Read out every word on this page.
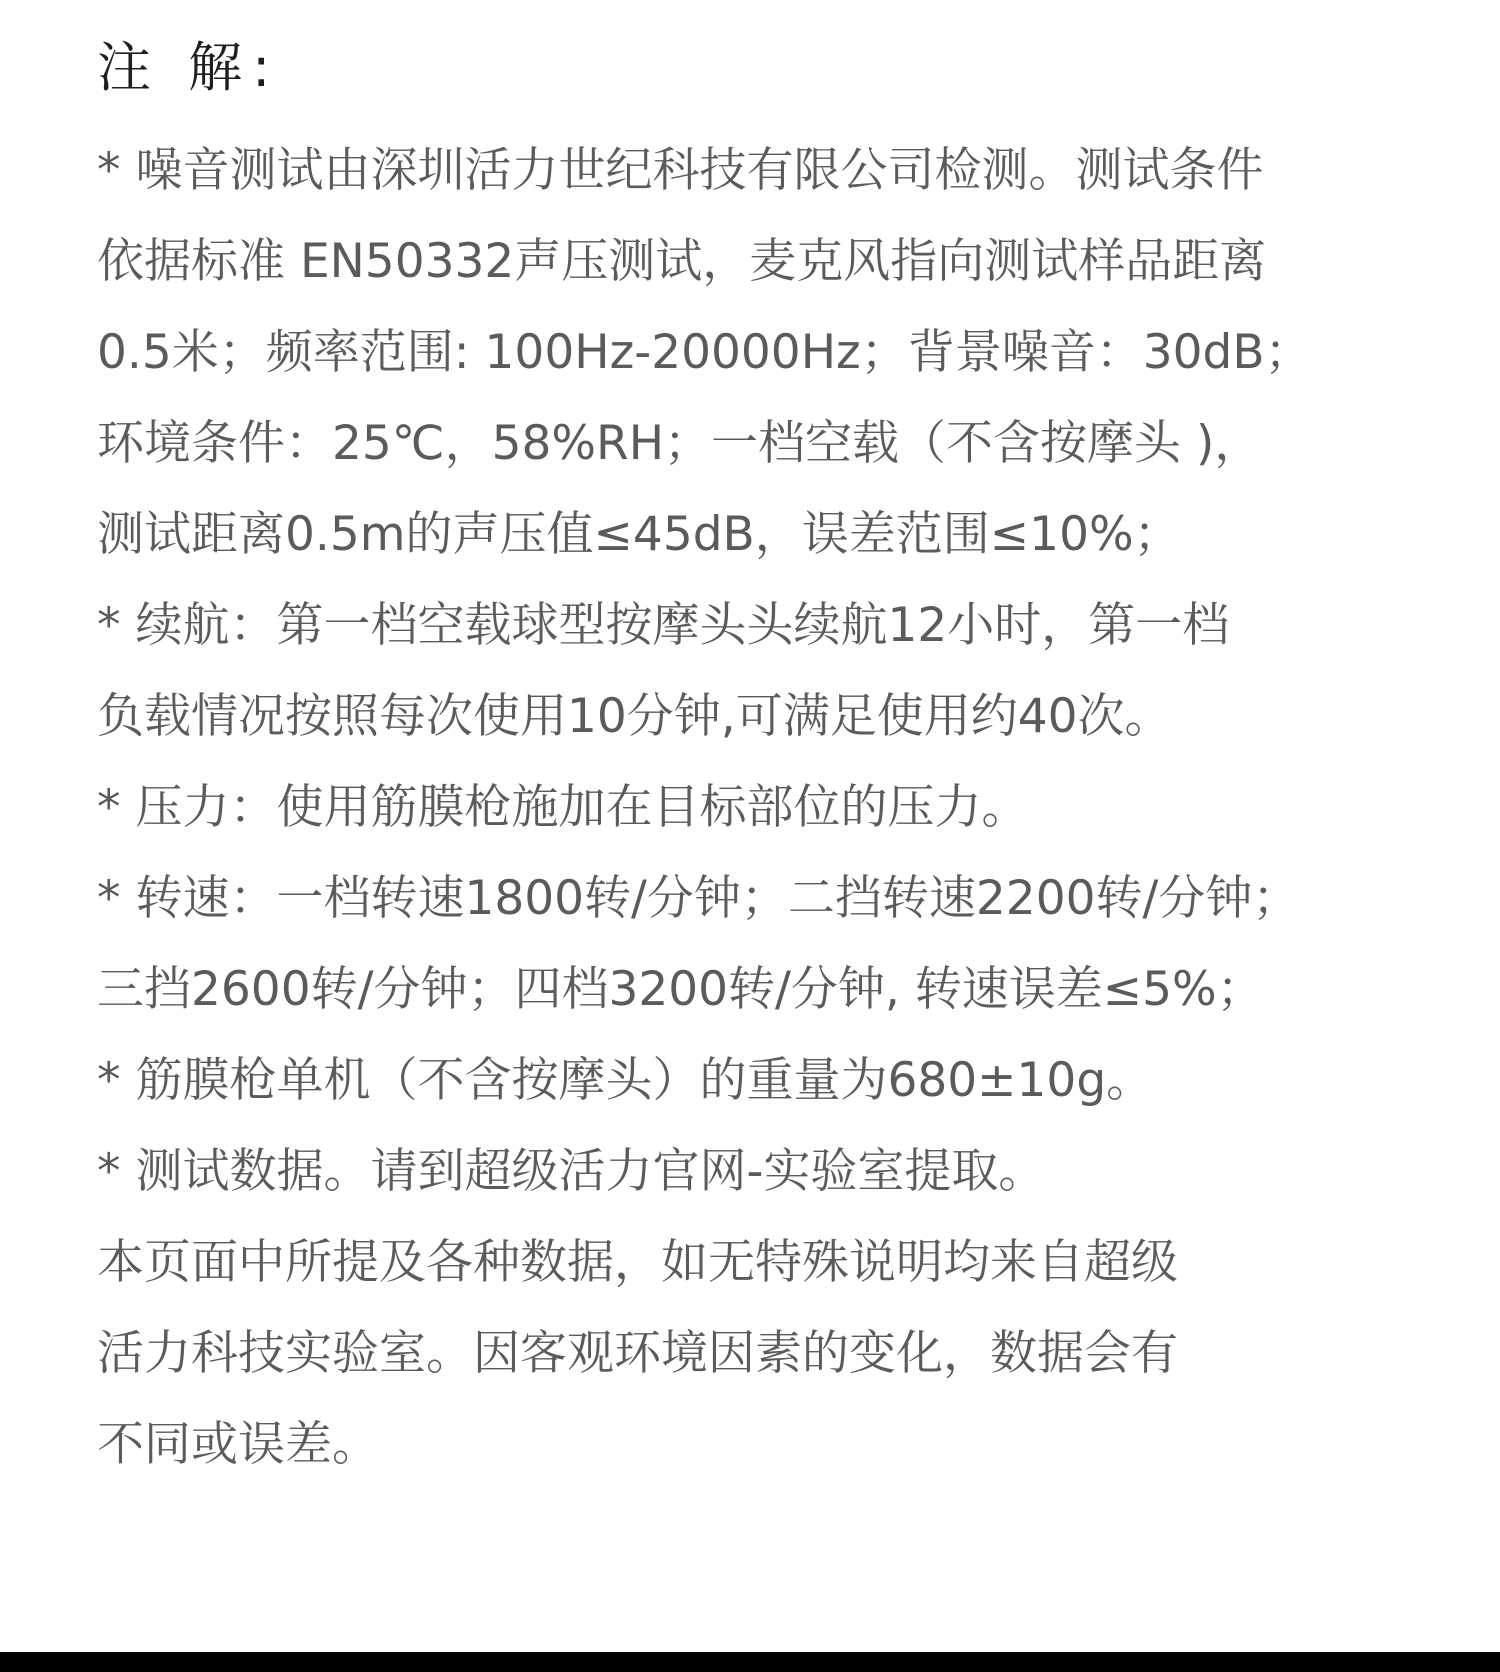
注 解:
* 噪音测试由深圳活力世纪科技有限公司检测。测试条件
依据标准 EN50332声压测试，麦克风指向测试样品距离
0.5米；频率范围: 100Hz-20000Hz；背景噪音：30dB；
环境条件：25℃，58%RH；一档空载（不含按摩头 )，
测试距离0.5m的声压值≤45dB，误差范围≤10%；
* 续航：第一档空载球型按摩头头续航12小时，第一档
负载情况按照每次使用10分钟,可满足使用约40次。
* 压力：使用筋膜枪施加在目标部位的压力。
* 转速：一档转速1800转/分钟；二挡转速2200转/分钟；
三挡2600转/分钟；四档3200转/分钟, 转速误差≤5%；
* 筋膜枪单机（不含按摩头）的重量为680±10g。
* 测试数据。请到超级活力官网-实验室提取。
本页面中所提及各种数据，如无特殊说明均来自超级
活力科技实验室。因客观环境因素的变化，数据会有
不同或误差。
